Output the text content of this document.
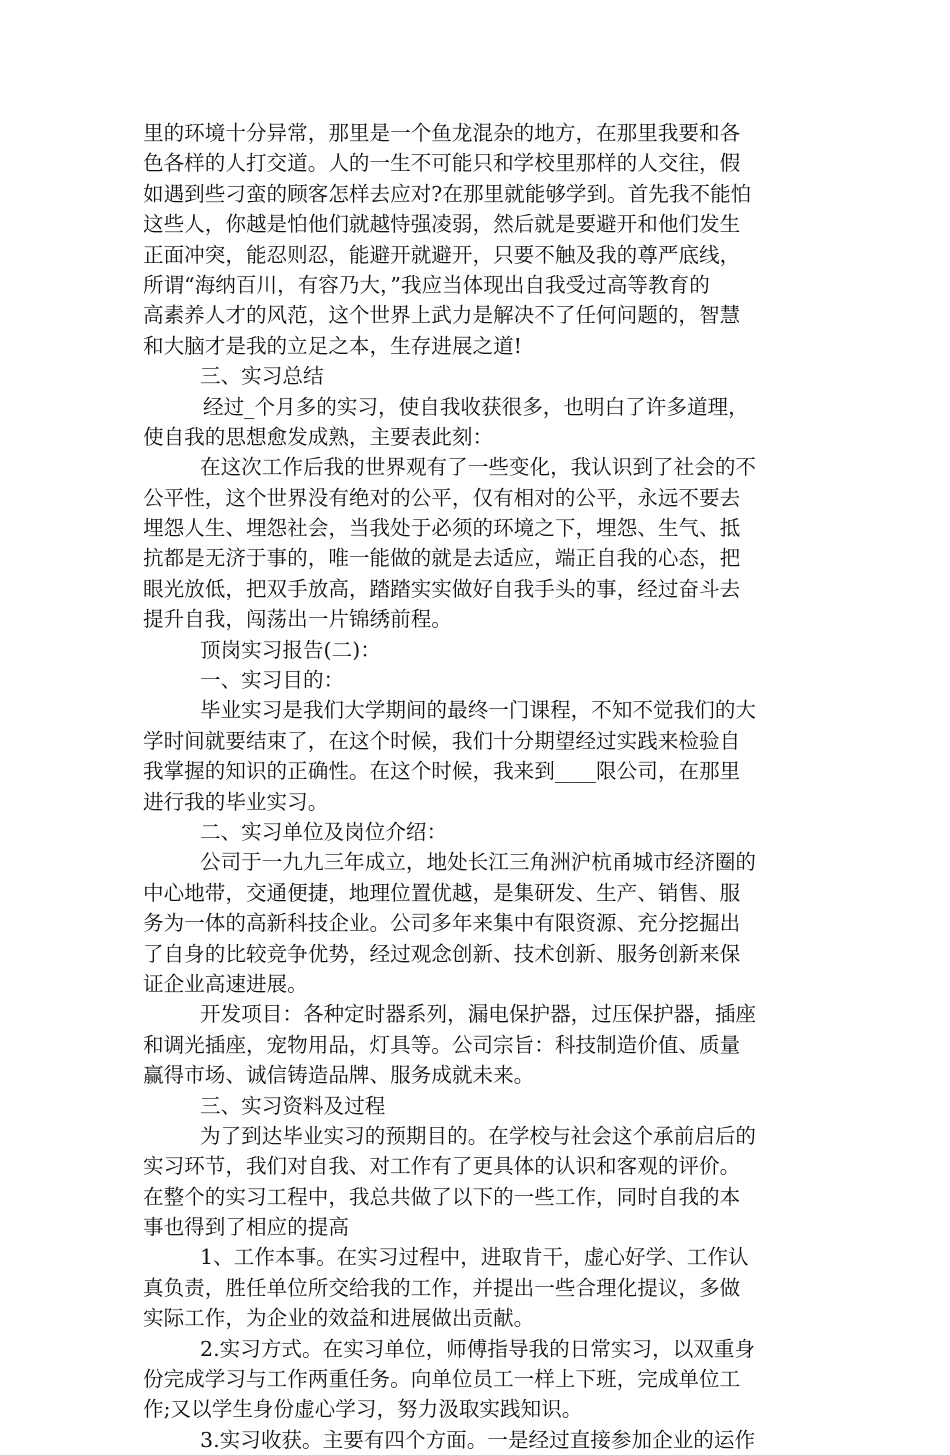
里的环境十分异常，那里是一个鱼龙混杂的地方，在那里我要和各
色各样的人打交道。人的一生不可能只和学校里那样的人交往，假
如遇到些刁蛮的顾客怎样去应对?在那里就能够学到。首先我不能怕
这些人，你越是怕他们就越恃强凌弱，然后就是要避开和他们发生
正面冲突，能忍则忍，能避开就避开，只要不触及我的尊严底线，
所谓“海纳百川，有容乃大，”我应当体现出自我受过高等教育的
高素养人才的风范，这个世界上武力是解决不了任何问题的，智慧
和大脑才是我的立足之本，生存进展之道!
三、实习总结
经过_个月多的实习，使自我收获很多，也明白了许多道理，
使自我的思想愈发成熟，主要表此刻：
在这次工作后我的世界观有了一些变化，我认识到了社会的不
公平性，这个世界没有绝对的公平，仅有相对的公平，永远不要去
埋怨人生、埋怨社会，当我处于必须的环境之下，埋怨、生气、抵
抗都是无济于事的，唯一能做的就是去适应，端正自我的心态，把
眼光放低，把双手放高，踏踏实实做好自我手头的事，经过奋斗去
提升自我，闯荡出一片锦绣前程。
顶岗实习报告(二)：
一、实习目的：
毕业实习是我们大学期间的最终一门课程，不知不觉我们的大
学时间就要结束了，在这个时候，我们十分期望经过实践来检验自
我掌握的知识的正确性。在这个时候，我来到____限公司，在那里
进行我的毕业实习。
二、实习单位及岗位介绍：
公司于一九九三年成立，地处长江三角洲沪杭甬城市经济圈的
中心地带，交通便捷，地理位置优越，是集研发、生产、销售、服
务为一体的高新科技企业。公司多年来集中有限资源、充分挖掘出
了自身的比较竞争优势，经过观念创新、技术创新、服务创新来保
证企业高速进展。
开发项目：各种定时器系列，漏电保护器，过压保护器，插座
和调光插座，宠物用品，灯具等。公司宗旨：科技制造价值、质量
赢得市场、诚信铸造品牌、服务成就未来。
三、实习资料及过程
为了到达毕业实习的预期目的。在学校与社会这个承前启后的
实习环节，我们对自我、对工作有了更具体的认识和客观的评价。
在整个的实习工程中，我总共做了以下的一些工作，同时自我的本
事也得到了相应的提高
1、工作本事。在实习过程中，进取肯干，虚心好学、工作认
真负责，胜任单位所交给我的工作，并提出一些合理化提议，多做
实际工作，为企业的效益和进展做出贡献。
2.实习方式。在实习单位，师傅指导我的日常实习，以双重身
份完成学习与工作两重任务。向单位员工一样上下班，完成单位工
作;又以学生身份虚心学习，努力汲取实践知识。
3.实习收获。主要有四个方面。一是经过直接参加企业的运作
